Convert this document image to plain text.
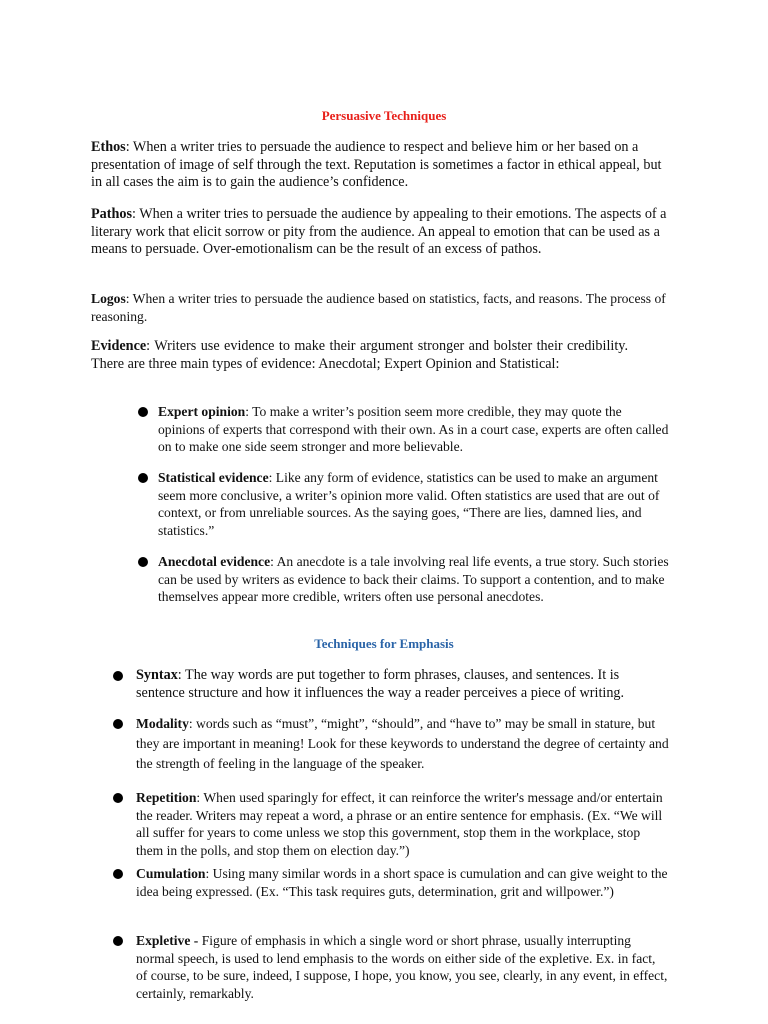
Persuasive Techniques

Ethos: When a writer tries to persuade the audience to respect and believe him or her based on a presentation of image of self through the text. Reputation is sometimes a factor in ethical appeal, but in all cases the aim is to gain the audience’s confidence.

Pathos: When a writer tries to persuade the audience by appealing to their emotions. The aspects of a literary work that elicit sorrow or pity from the audience. An appeal to emotion that can be used as a means to persuade. Over-emotionalism can be the result of an excess of pathos.

Logos: When a writer tries to persuade the audience based on statistics, facts, and reasons. The process of reasoning.

Evidence: Writers use evidence to make their argument stronger and bolster their credibility. There are three main types of evidence: Anecdotal; Expert Opinion and Statistical:

Expert opinion: To make a writer’s position seem more credible, they may quote the opinions of experts that correspond with their own. As in a court case, experts are often called on to make one side seem stronger and more believable.
Statistical evidence: Like any form of evidence, statistics can be used to make an argument seem more conclusive, a writer’s opinion more valid. Often statistics are used that are out of context, or from unreliable sources. As the saying goes, “There are lies, damned lies, and statistics.”
Anecdotal evidence: An anecdote is a tale involving real life events, a true story. Such stories can be used by writers as evidence to back their claims. To support a contention, and to make themselves appear more credible, writers often use personal anecdotes.
Techniques for Emphasis
Syntax: The way words are put together to form phrases, clauses, and sentences. It is sentence structure and how it influences the way a reader perceives a piece of writing.
Modality: words such as “must”, “might”, “should”, and “have to” may be small in stature, but they are important in meaning! Look for these keywords to understand the degree of certainty and the strength of feeling in the language of the speaker.
Repetition: When used sparingly for effect, it can reinforce the writer's message and/or entertain the reader. Writers may repeat a word, a phrase or an entire sentence for emphasis. (Ex. “We will all suffer for years to come unless we stop this government, stop them in the workplace, stop them in the polls, and stop them on election day.”)
Cumulation: Using many similar words in a short space is cumulation and can give weight to the idea being expressed. (Ex. “This task requires guts, determination, grit and willpower.”)
Expletive - Figure of emphasis in which a single word or short phrase, usually interrupting normal speech, is used to lend emphasis to the words on either side of the expletive. Ex. in fact, of course, to be sure, indeed, I suppose, I hope, you know, you see, clearly, in any event, in effect, certainly, remarkably.
